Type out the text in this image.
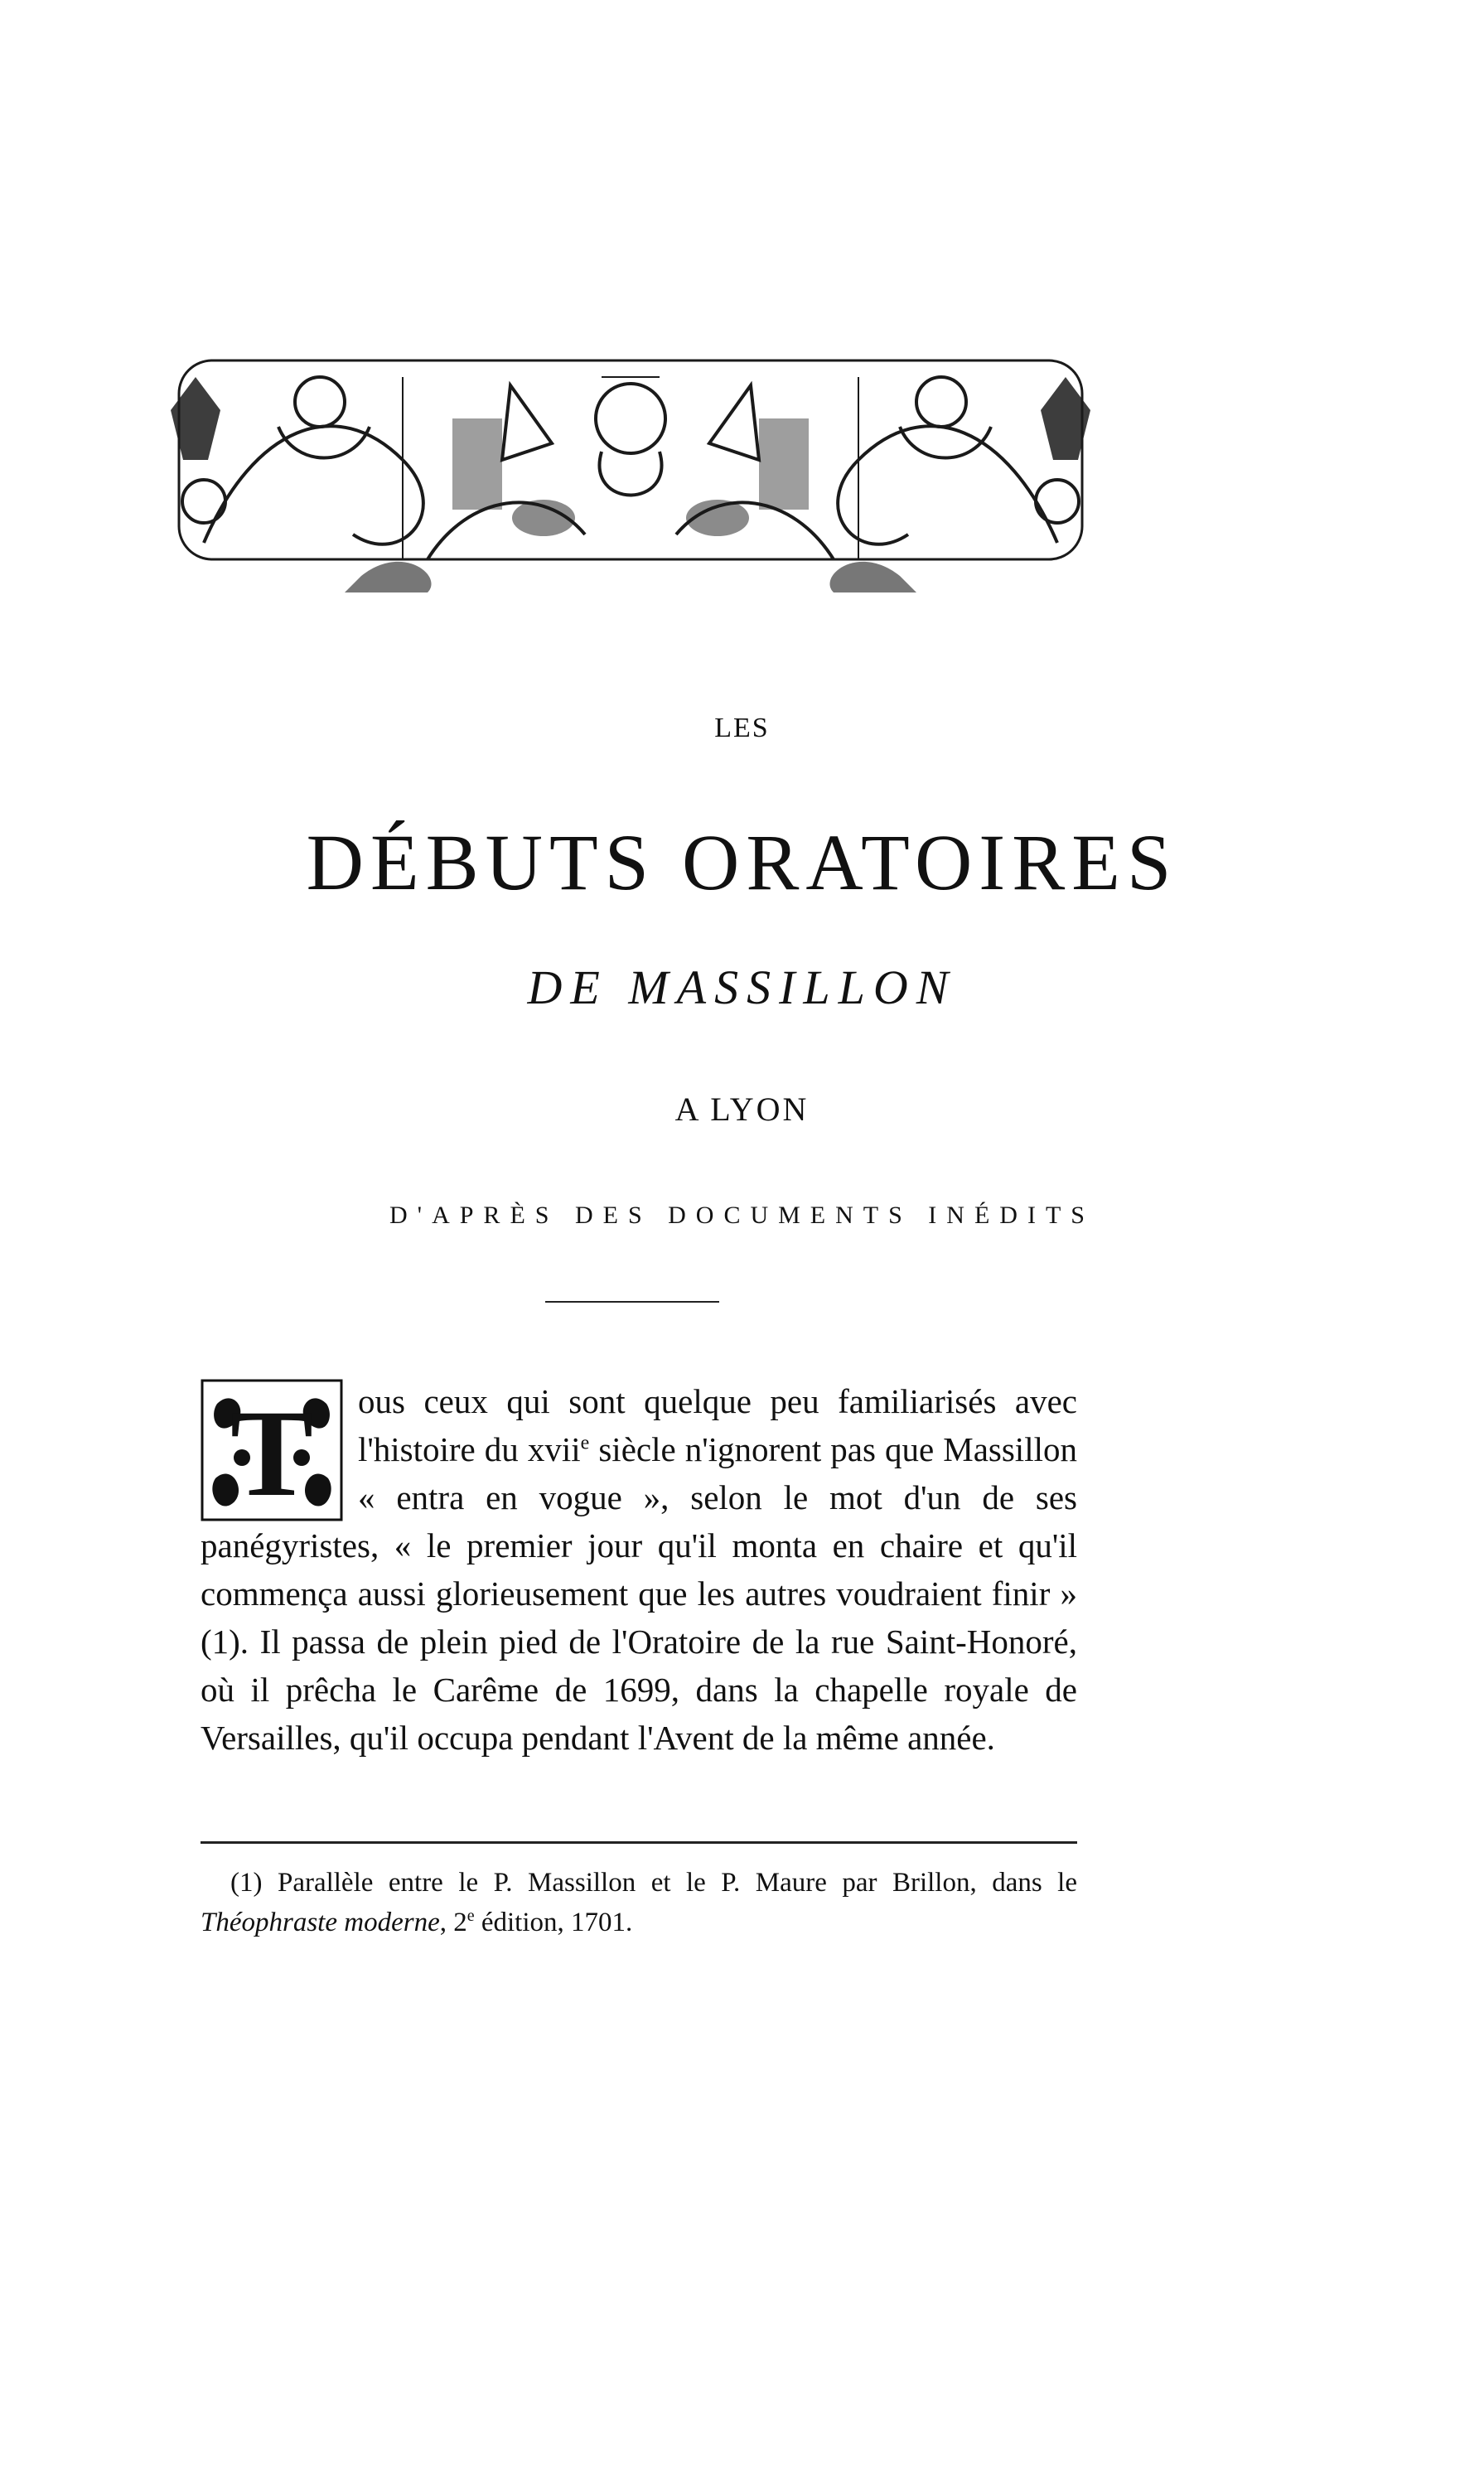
LES
DÉBUTS ORATOIRES
DE MASSILLON
A LYON
D'APRÈS DES DOCUMENTS INÉDITS
T ous ceux qui sont quelque peu familiarisés avec l'histoire du xvii$^e$ siècle n'ignorent pas que Massillon « entra en vogue », selon le mot d'un de ses panégyristes, « le premier jour qu'il monta en chaire et qu'il commença aussi glorieusement que les autres voudraient finir » (1). Il passa de plein pied de l'Oratoire de la rue Saint-Honoré, où il prêcha le Carême de 1699, dans la chapelle royale de Versailles, qu'il occupa pendant l'Avent de la même année.
(1) Parallèle entre le P. Massillon et le P. Maure par Brillon, dans le Théophraste moderne, 2e édition, 1701.
